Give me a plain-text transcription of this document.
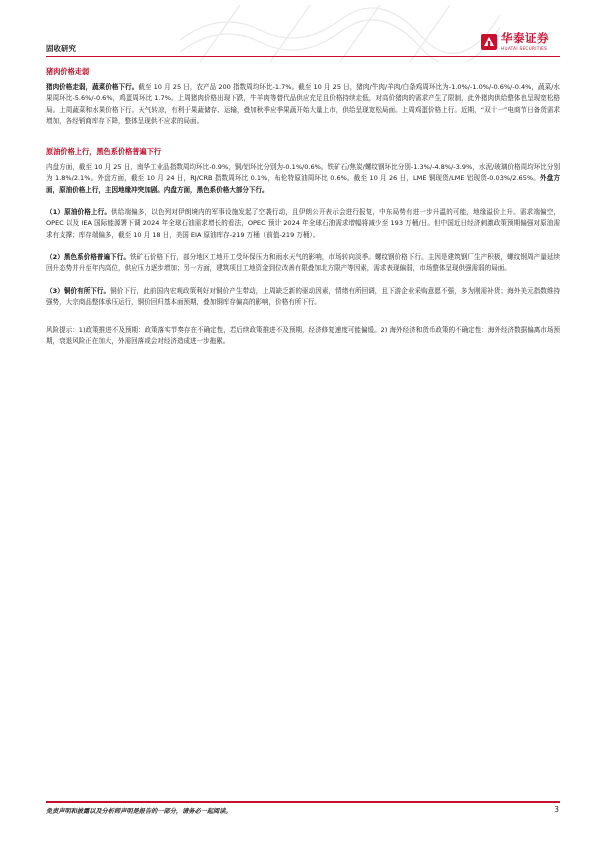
固收研究
华泰证券
HUATAI SECURITIES
猪肉价格走弱

猪肉价格走弱，蔬菜价格下行。截至 10 月 25 日，农产品 200 指数周均环比-1.7%。截至 10 月 25 日，猪肉/牛肉/羊肉/白条鸡周环比为-1.0%/-1.0%/-0.6%/-0.4%，蔬菜/水果周环比-5.6%/-0.6%，鸡蛋周环比 1.7%。上周猪肉价格出现下跌，牛羊肉等替代品供应充足且价格持续走低，对高价猪肉的需求产生了限制，此外猪肉供给整体也呈现宽松格局。上周蔬菜和水果价格下行。天气转凉，有利于果蔬储存、运输，叠加秋季应季果蔬开始大量上市，供给呈现宽松局面。上周鸡蛋价格上行。近期，“双十一”电商节日备货需求增加，各经销商库存下降，整体呈现供不应求的局面。

原油价格上行，黑色系价格普遍下行

内盘方面，截至 10 月 25 日，南华工业品指数周均环比-0.9%，铜/铝环比分别为-0.1%/0.6%。铁矿石/焦炭/螺纹钢环比分别-1.3%/-4.8%/-3.9%，水泥/玻璃价格周均环比分别为 1.8%/2.1%。外盘方面，截至 10 月 24 日，RJ/CRB 指数周环比 0.1%，布伦特原油周环比 0.6%。截至 10 月 26 日，LME 铜现货/LME 铝现货-0.03%/2.65%。外盘方面，原油价格上行，主因地缘冲突加剧。内盘方面，黑色系价格大部分下行。

（1）原油价格上行。供给端偏多，以色列对伊朗境内的军事设施发起了空袭行动，且伊朗公开表示会进行报复，中东局势有进一步升温的可能，地缘溢价上升。需求端偏空，OPEC 以及 IEA 国际能源署下调 2024 年全球石油需求增长的看法，OPEC 预计 2024 年全球石油需求增幅将减少至 193 万桶/日。但中国近日经济刺激政策预期偏强对原油需求有支撑；库存端偏多，截至 10 月 18 日，美国 EIA 原油库存-219 万桶（前值-219 万桶）。

（2）黑色系价格普遍下行。铁矿石价格下行，部分地区工地开工受环保压力和雨水天气的影响，市场转向淡季。螺纹钢价格下行。主因是建筑钢厂生产积极，螺纹钢周产量延续回升态势并升至年内高位，供应压力逐步增加；另一方面，建筑项目工地资金到位改善有限叠加北方限产等因素，需求表现偏弱，市场整体呈现供强需弱的局面。

（3）铜价有所下行。铜价下行，此前国内宏观政策利好对铜价产生带动，上周缺乏新的驱动因素，情绪有所回调，且下游企业采购意愿不强，多为刚需补货；海外美元指数维持强势，大宗商品整体承压运行，铜价回归基本面预期，叠加铜库存偏高的影响，价格有所下行。

风险提示：1)政策推进不及预期：政策落实节奏存在不确定性，若后续政策推进不及预期，经济修复速度可能偏缓。2) 海外经济和货币政策的不确定性：海外经济数据偏离市场预期，衰退风险正在加大，外需回落或会对经济造成进一步拖累。

免责声明和披露以及分析师声明是报告的一部分，请务必一起阅读。	3
